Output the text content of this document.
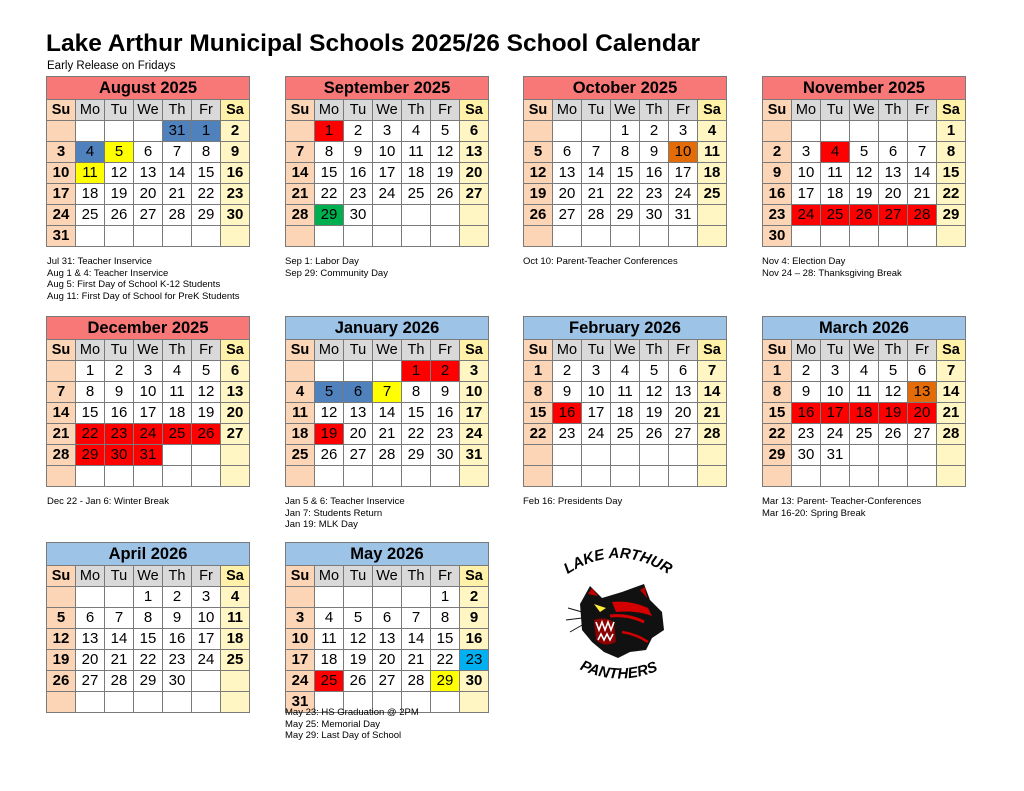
Lake Arthur Municipal Schools 2025/26 School Calendar
Early Release on Fridays
August 2025						
Su	Mo	Tu	We	Th	Fr	Sa
				31	1	2
3	4	5	6	7	8	9
10	11	12	13	14	15	16
17	18	19	20	21	22	23
24	25	26	27	28	29	30
31						
September 2025						
Su	Mo	Tu	We	Th	Fr	Sa
	1	2	3	4	5	6
7	8	9	10	11	12	13
14	15	16	17	18	19	20
21	22	23	24	25	26	27
28	29	30				

October 2025						
Su	Mo	Tu	We	Th	Fr	Sa
			1	2	3	4
5	6	7	8	9	10	11
12	13	14	15	16	17	18
19	20	21	22	23	24	25
26	27	28	29	30	31	

November 2025						
Su	Mo	Tu	We	Th	Fr	Sa
						1
2	3	4	5	6	7	8
9	10	11	12	13	14	15
16	17	18	19	20	21	22
23	24	25	26	27	28	29
30						
December 2025						
Su	Mo	Tu	We	Th	Fr	Sa
	1	2	3	4	5	6
7	8	9	10	11	12	13
14	15	16	17	18	19	20
21	22	23	24	25	26	27
28	29	30	31			

January 2026						
Su	Mo	Tu	We	Th	Fr	Sa
				1	2	3
4	5	6	7	8	9	10
11	12	13	14	15	16	17
18	19	20	21	22	23	24
25	26	27	28	29	30	31

February 2026						
Su	Mo	Tu	We	Th	Fr	Sa
1	2	3	4	5	6	7
8	9	10	11	12	13	14
15	16	17	18	19	20	21
22	23	24	25	26	27	28

March 2026						
Su	Mo	Tu	We	Th	Fr	Sa
1	2	3	4	5	6	7
8	9	10	11	12	13	14
15	16	17	18	19	20	21
22	23	24	25	26	27	28
29	30	31				

April 2026						
Su	Mo	Tu	We	Th	Fr	Sa
			1	2	3	4
5	6	7	8	9	10	11
12	13	14	15	16	17	18
19	20	21	22	23	24	25
26	27	28	29	30		

May 2026						
Su	Mo	Tu	We	Th	Fr	Sa
					1	2
3	4	5	6	7	8	9
10	11	12	13	14	15	16
17	18	19	20	21	22	23
24	25	26	27	28	29	30
31						
Jul 31: Teacher Inservice
Aug 1 & 4: Teacher Inservice
Aug 5: First Day of School K-12 Students
Aug 11: First Day of School for PreK Students
Sep 1: Labor Day
Sep 29: Community Day
Oct 10: Parent-Teacher Conferences	Nov 4: Election Day
Nov 24 – 28: Thanksgiving Break
Dec 22 - Jan 6: Winter Break	Jan 5 & 6: Teacher Inservice
Jan 7: Students Return
Jan 19: MLK Day
Feb 16: Presidents Day	Mar 13: Parent- Teacher-Conferences
Mar 16-20: Spring Break
May 23: HS Graduation @ 2PM
May 25: Memorial Day
May 29: Last Day of School
LAKE ARTHUR
PANTHERS
